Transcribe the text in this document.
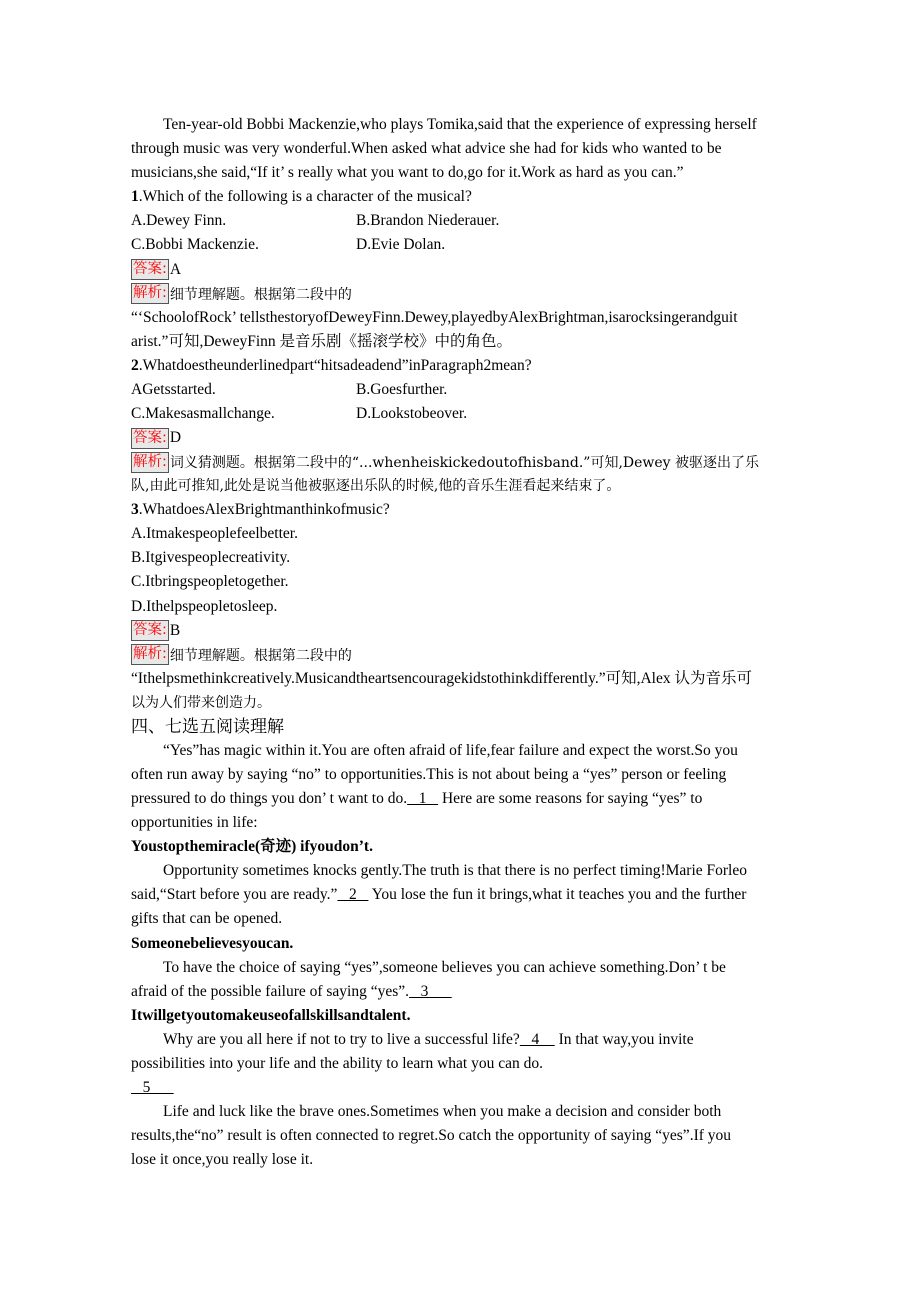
Ten-year-old Bobbi Mackenzie,who plays Tomika,said that the experience of expressing herself
through music was very wonderful.When asked what advice she had for kids who wanted to be
musicians,she said,“If it’ s really what you want to do,go for it.Work as hard as you can.”
1.Which of the following is a character of the musical?
A.Dewey Finn.	B.Brandon Niederauer.
C.Bobbi Mackenzie.	D.Evie Dolan.
答案: A
解析: 细节理解题。根据第二段中的
“‘SchoolofRock’ tellsthestoryofDeweyFinn.Dewey,playedbyAlexBrightman,isarocksingerandguit
arist.”可知,DeweyFinn 是音乐剧《摇滚学校》中的角色。
2.Whatdoestheunderlinedpart“hitsadeadend”inParagraph2mean?
AGetsstarted.	B.Goesfurther.
C.Makesasmallchange.	D.Lookstobeover.
答案: D
解析: 词义猜测题。根据第二段中的“...whenheiskickedoutofhisband.”可知,Dewey 被驱逐出了乐
队,由此可推知,此处是说当他被驱逐出乐队的时候,他的音乐生涯看起来结束了。
3.WhatdoesAlexBrightmanthinkofmusic?
A.Itmakespeoplefeelbetter.
B.Itgivespeoplecreativity.
C.Itbringspeopletogether.
D.Ithelpspeopletosleep.
答案: B
解析: 细节理解题。根据第二段中的
“Ithelpsmethinkcreatively.Musicandtheartsencouragekidstothinkdifferently.”可知,Alex 认为音乐可
以为人们带来创造力。
四、七选五阅读理解
“Yes”has magic within it.You are often afraid of life,fear failure and expect the worst.So you
often run away by saying “no” to opportunities.This is not about being a “yes” person or feeling
pressured to do things you don’ t want to do.   1    Here are some reasons for saying “yes” to
opportunities in life:
Youstopthemiracle(奇迹) ifyoudon’t.
Opportunity sometimes knocks gently.The truth is that there is no perfect timing!Marie Forleo
said,“Start before you are ready.”   2    You lose the fun it brings,what it teaches you and the further
gifts that can be opened.
Someonebelievesyoucan.
To have the choice of saying “yes”,someone believes you can achieve something.Don’ t be
afraid of the possible failure of saying “yes”.   3
Itwillgetyoutomakeuseofallskillsandtalent.
Why are you all here if not to try to live a successful life?   4     In that way,you invite
possibilities into your life and the ability to learn what you can do.
5
Life and luck like the brave ones.Sometimes when you make a decision and consider both
results,the“no” result is often connected to regret.So catch the opportunity of saying “yes”.If you
lose it once,you really lose it.
